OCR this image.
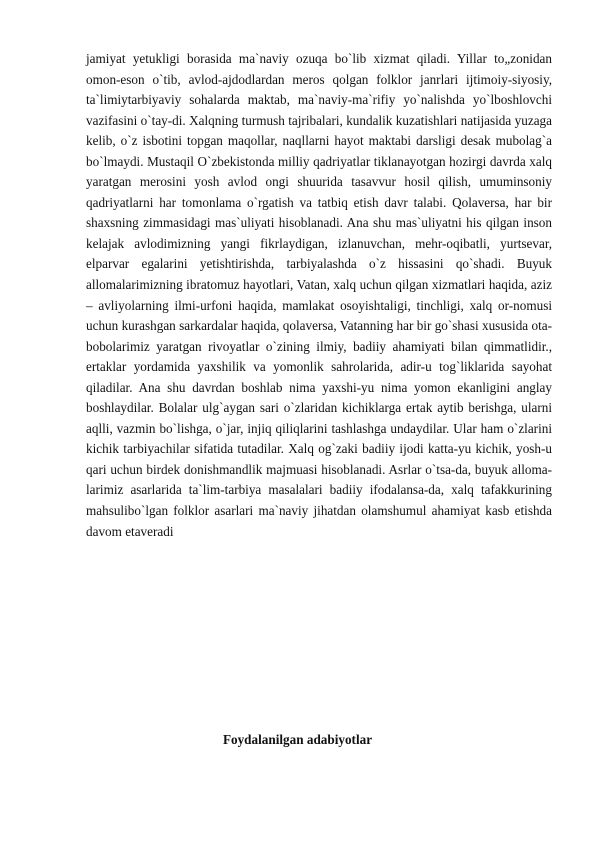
jamiyat yetukligi borasida ma`naviy ozuqa bo`lib xizmat qiladi. Yillar to„zonidan omon-eson o`tib, avlod-ajdodlardan meros qolgan folklor janrlari ijtimoiy-siyosiy, ta`limiytarbiyaviy sohalarda maktab, ma`naviy-ma`rifiy yo`nalishda yo`lboshlovchi vazifasini o`tay-di. Xalqning turmush tajribalari, kundalik kuzatishlari natijasida yuzaga kelib, o`z isbotini topgan maqollar, naqllarni hayot maktabi darsligi desak mubolag`a bo`lmaydi. Mustaqil O`zbekistonda milliy qadriyatlar tiklanayotgan hozirgi davrda xalq yaratgan merosini yosh avlod ongi shuurida tasavvur hosil qilish, umuminsoniy qadriyatlarni har tomonlama o`rgatish va tatbiq etish davr talabi. Qolaversa, har bir shaxsning zimmasidagi mas`uliyati hisoblanadi. Ana shu mas`uliyatni his qilgan inson kelajak avlodimizning yangi fikrlaydigan, izlanuvchan, mehr-oqibatli, yurtsevar, elparvar egalarini yetishtirishda, tarbiyalashda o`z hissasini qo`shadi. Buyuk allomalarimizning ibratomuz hayotlari, Vatan, xalq uchun qilgan xizmatlari haqida, aziz – avliyolarning ilmi-urfoni haqida, mamlakat osoyishtaligi, tinchligi, xalq or-nomusi uchun kurashgan sarkardalar haqida, qolaversa, Vatanning har bir go`shasi xususida ota-bobolarimiz yaratgan rivoyatlar o`zining ilmiy, badiiy ahamiyati bilan qimmatlidir., ertaklar yordamida yaxshilik va yomonlik sahrolarida, adir-u tog`liklarida sayohat qiladilar. Ana shu davrdan boshlab nima yaxshi-yu nima yomon ekanligini anglay boshlaydilar. Bolalar ulg`aygan sari o`zlaridan kichiklarga ertak aytib berishga, ularni aqlli, vazmin bo`lishga, o`jar, injiq qiliqlarini tashlashga undaydilar. Ular ham o`zlarini kichik tarbiyachilar sifatida tutadilar. Xalq og`zaki badiiy ijodi katta-yu kichik, yosh-u qari uchun birdek donishmandlik majmuasi hisoblanadi. Asrlar o`tsa-da, buyuk alloma-larimiz asarlarida ta`lim-tarbiya masalalari badiiy ifodalansa-da, xalq tafakkurining mahsulibo`lgan folklor asarlari ma`naviy jihatdan olamshumul ahamiyat kasb etishda davom etaveradi

Foydalanilgan adabiyotlar
